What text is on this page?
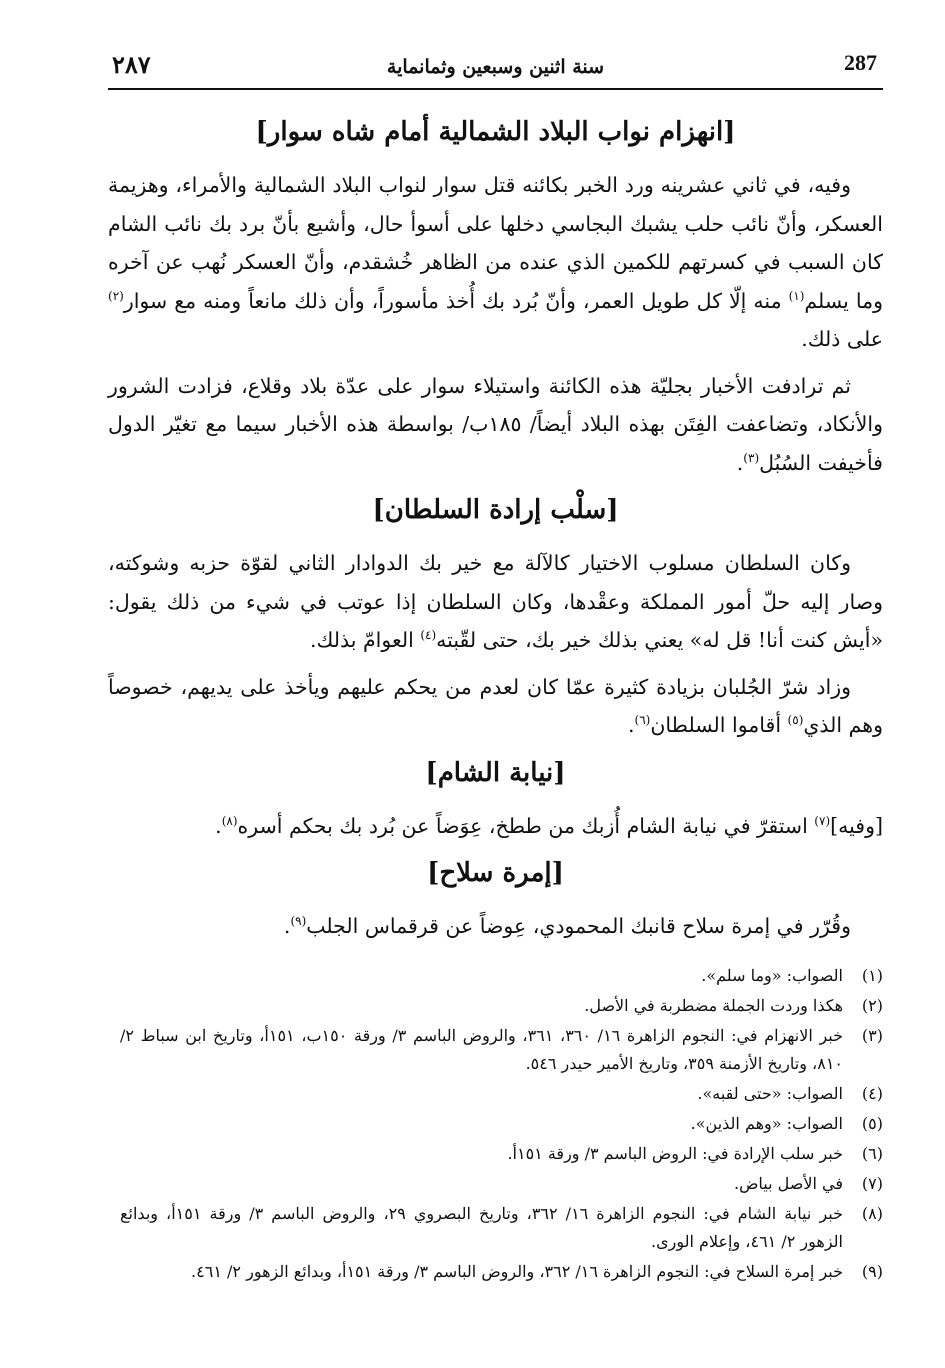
287
سنة اثنين وسبعين وثمانماية
٢٨٧
[انهزام نواب البلاد الشمالية أمام شاه سوار]

وفيه، في ثاني عشرينه ورد الخبر بكائنه قتل سوار لنواب البلاد الشمالية والأمراء، وهزيمة العسكر، وأنّ نائب حلب يشبك البجاسي دخلها على أسوأ حال، وأشيع بأنّ برد بك نائب الشام كان السبب في كسرتهم للكمين الذي عنده من الظاهر خُشقدم، وأنّ العسكر نُهب عن آخره وما يسلم$^{(١)}$ منه إلّا كل طويل العمر، وأنّ بُرد بك أُخذ مأسوراً، وأن ذلك مانعاً ومنه مع سوار$^{(٢)}$ على ذلك.

ثم ترادفت الأخبار بجليّة هذه الكائنة واستيلاء سوار على عدّة بلاد وقلاع، فزادت الشرور والأنكاد، وتضاعفت الفِتَن بهذه البلاد أيضاً/ ١٨٥ب/ بواسطة هذه الأخبار سيما مع تغيّر الدول فأخيفت السُبُل$^{(٣)}$.

[سلْب إرادة السلطان]

وكان السلطان مسلوب الاختيار كالآلة مع خير بك الدوادار الثاني لقوّة حزبه وشوكته، وصار إليه حلّ أمور المملكة وعقْدها، وكان السلطان إذا عوتب في شيء من ذلك يقول: «أيش كنت أنا! قل له» يعني بذلك خير بك، حتى لقّبته$^{(٤)}$ العوامّ بذلك.

وزاد شرّ الجُلبان بزيادة كثيرة عمّا كان لعدم من يحكم عليهم ويأخذ على يديهم، خصوصاً وهم الذي$^{(٥)}$ أقاموا السلطان$^{(٦)}$.

[نيابة الشام]

[وفيه]$^{(٧)}$ استقرّ في نيابة الشام أُزبك من ططخ، عِوَضاً عن بُرد بك بحكم أسره$^{(٨)}$.

[إمرة سلاح]

وقُرّر في إمرة سلاح قانبك المحمودي، عِوضاً عن قرقماس الجلب$^{(٩)}$.

(١)
الصواب: «وما سلم».
(٢)
هكذا وردت الجملة مضطربة في الأصل.
(٣)
خبر الانهزام في: النجوم الزاهرة ١٦/ ٣٦٠، ٣٦١، والروض الباسم ٣/ ورقة ١٥٠ب، ١٥١أ، وتاريخ ابن سباط ٢/ ٨١٠، وتاريخ الأزمنة ٣٥٩، وتاريخ الأمير حيدر ٥٤٦.
(٤)
الصواب: «حتى لقبه».
(٥)
الصواب: «وهم الذين».
(٦)
خبر سلب الإرادة في: الروض الباسم ٣/ ورقة ١٥١أ.
(٧)
في الأصل بياض.
(٨)
خبر نيابة الشام في: النجوم الزاهرة ١٦/ ٣٦٢، وتاريخ البصروي ٢٩، والروض الباسم ٣/ ورقة ١٥١أ، وبدائع الزهور ٢/ ٤٦١، وإعلام الورى.
(٩)
خبر إمرة السلاح في: النجوم الزاهرة ١٦/ ٣٦٢، والروض الباسم ٣/ ورقة ١٥١أ، وبدائع الزهور ٢/ ٤٦١.
